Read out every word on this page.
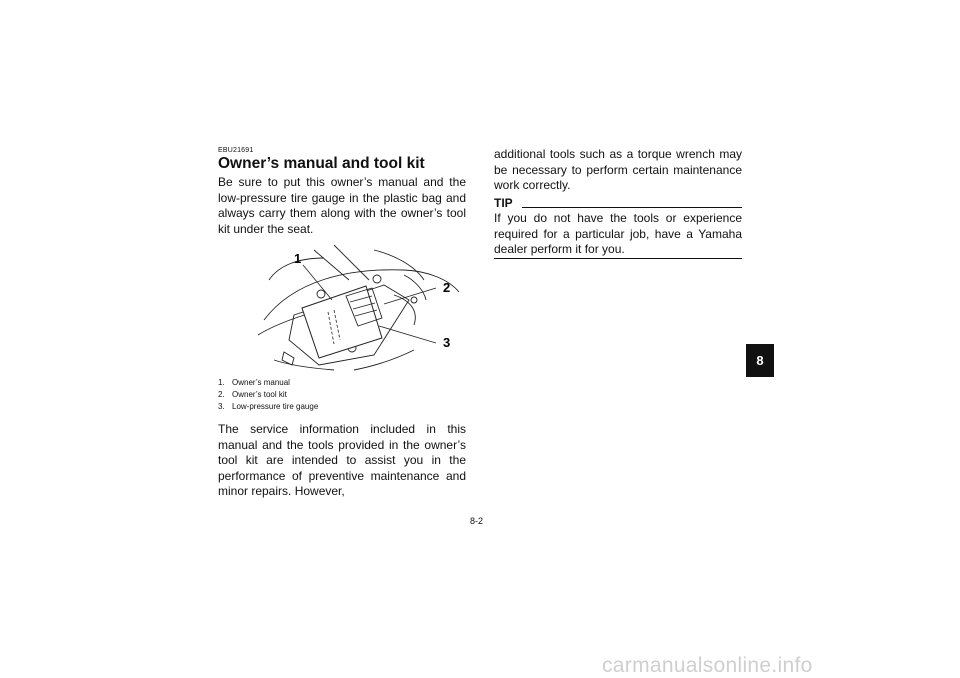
EBU21691
Owner’s manual and tool kit

Be sure to put this owner’s manual and the low-pressure tire gauge in the plastic bag and always carry them along with the owner’s tool kit under the seat.

1
2
3
1. Owner’s manual
2. Owner’s tool kit
3. Low-pressure tire gauge

The service information included in this manual and the tools provided in the owner’s tool kit are intended to assist you in the performance of preventive maintenance and minor repairs. However,

additional tools such as a torque wrench may be necessary to perform certain maintenance work correctly.

TIP

If you do not have the tools or experience required for a particular job, have a Yamaha dealer perform it for you.

8
8-2
carmanualsonline.info
